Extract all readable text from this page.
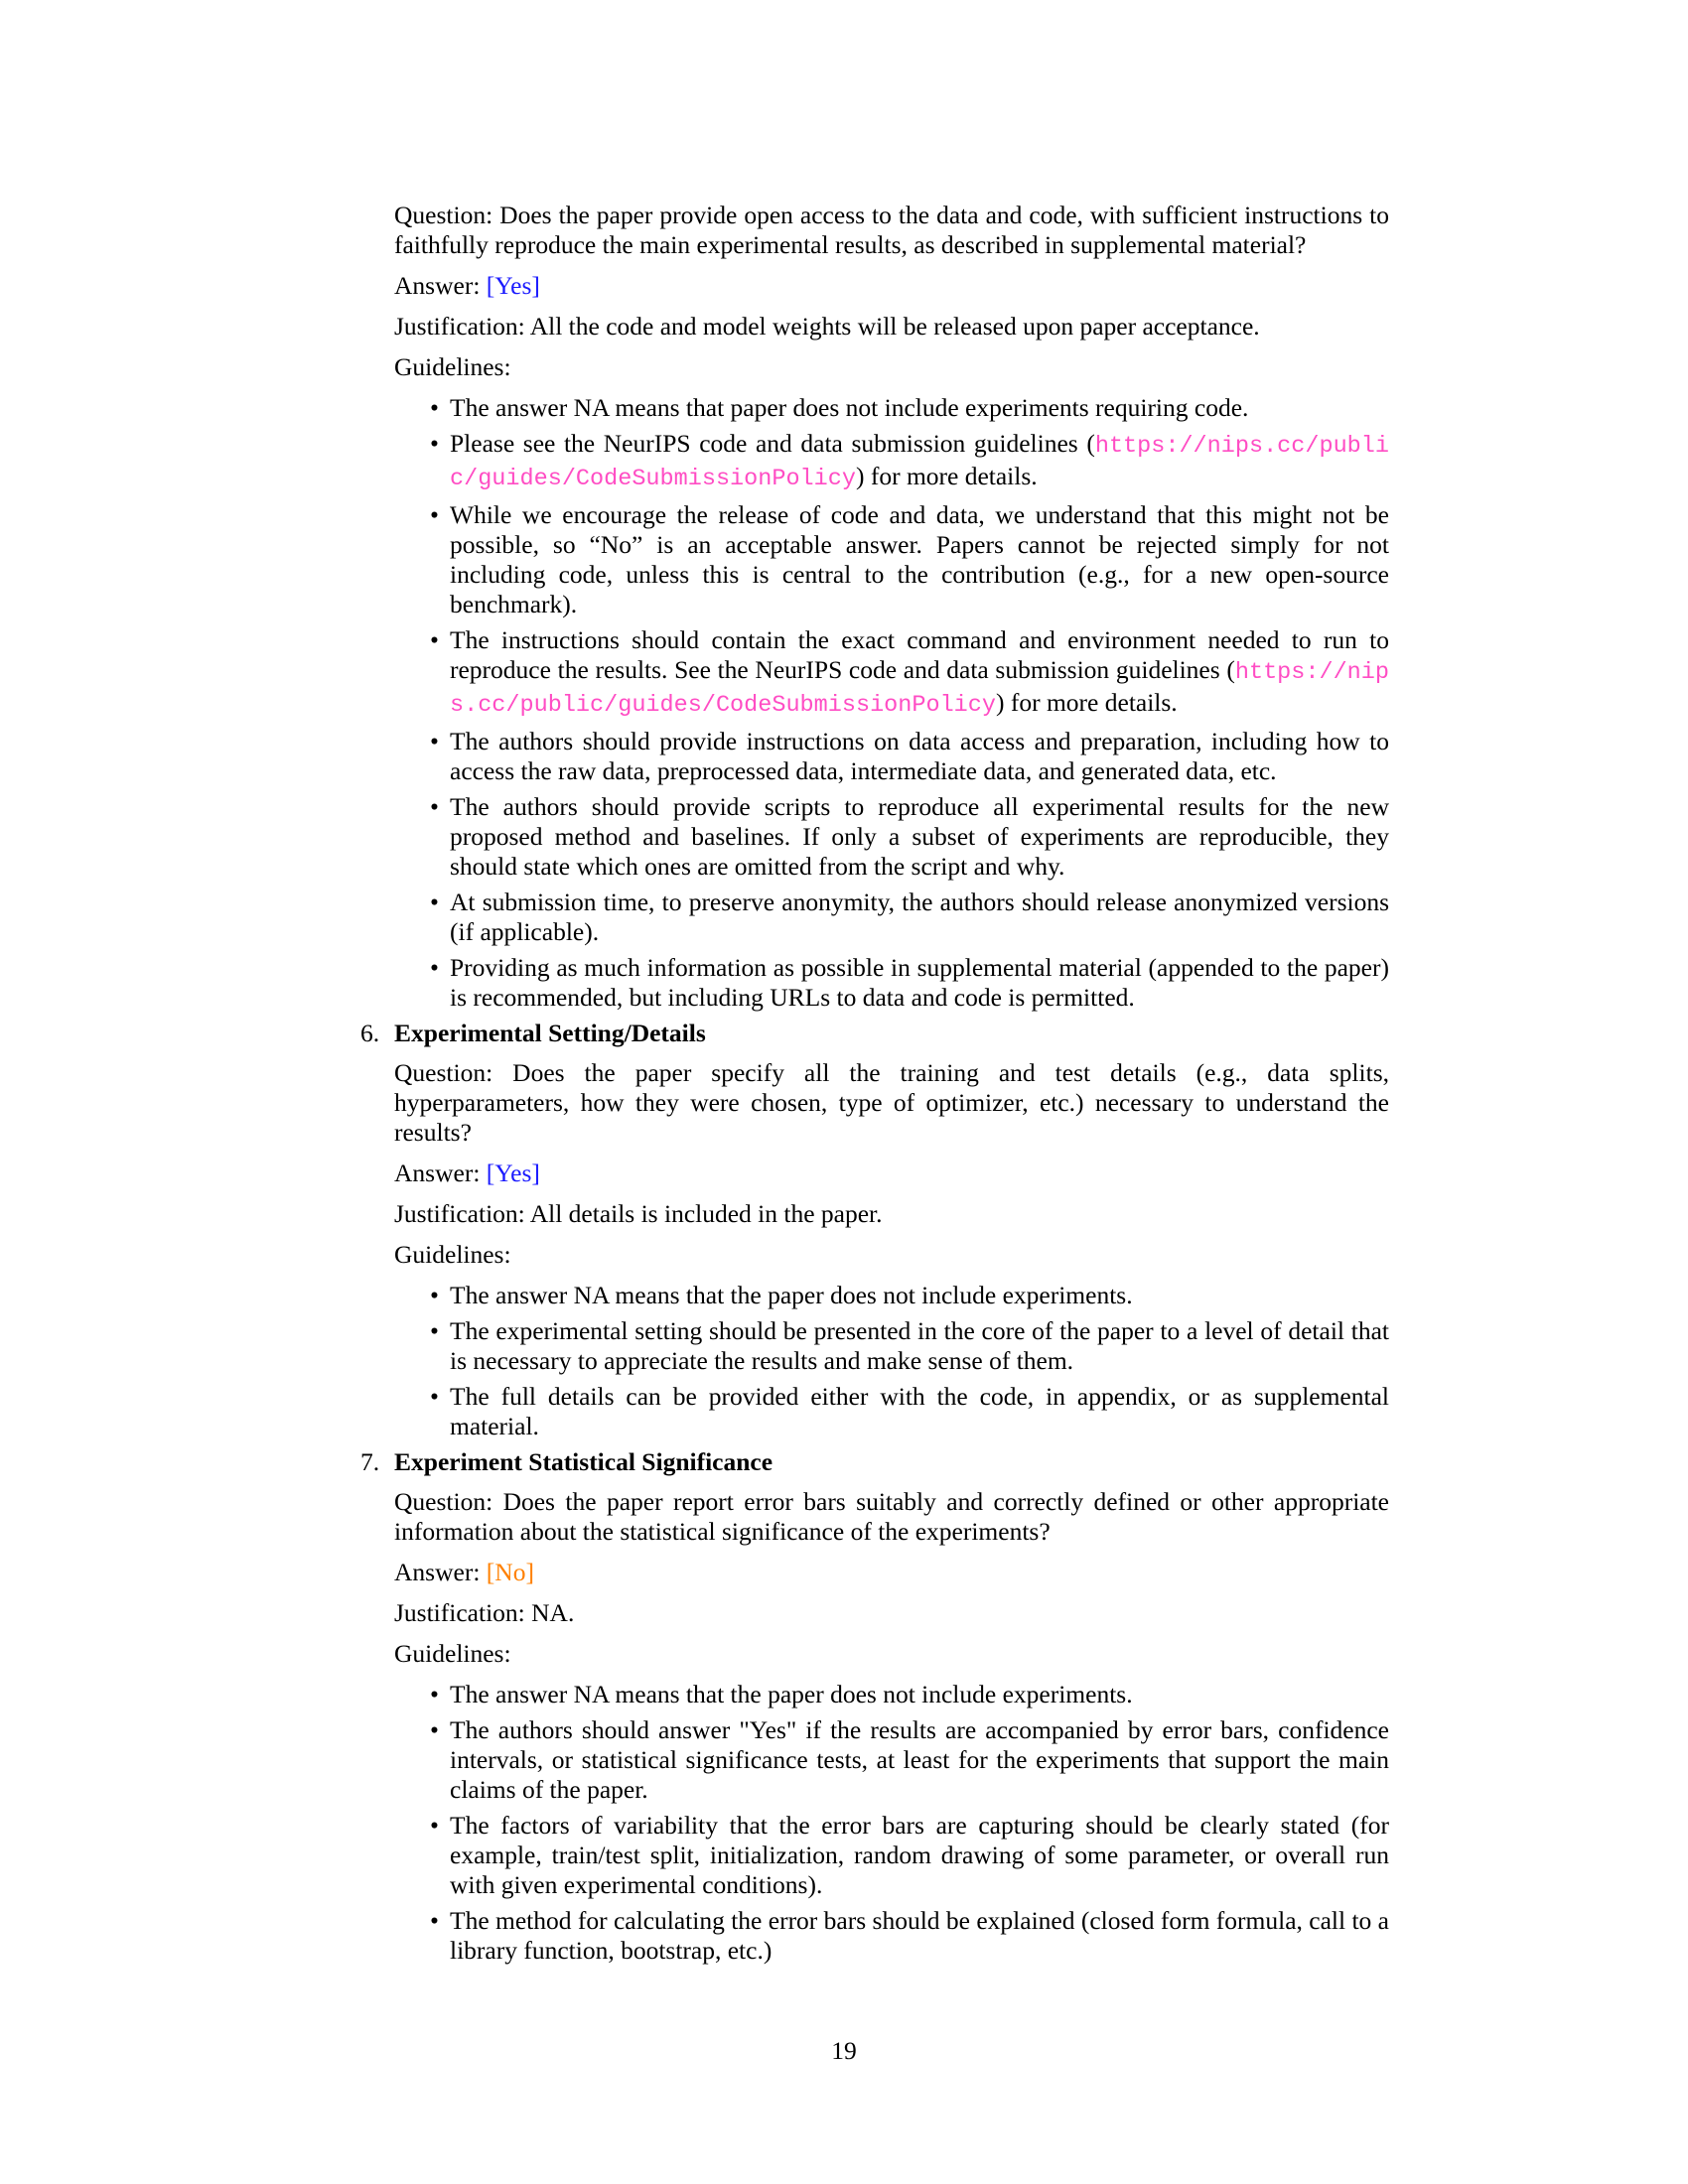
Question: Does the paper provide open access to the data and code, with sufficient instructions to faithfully reproduce the main experimental results, as described in supplemental material?
Answer: [Yes]
Justification: All the code and model weights will be released upon paper acceptance.
Guidelines:
• The answer NA means that paper does not include experiments requiring code.
• Please see the NeurIPS code and data submission guidelines (https://nips.cc/public/guides/CodeSubmissionPolicy) for more details.
• While we encourage the release of code and data, we understand that this might not be possible, so “No” is an acceptable answer. Papers cannot be rejected simply for not including code, unless this is central to the contribution (e.g., for a new open-source benchmark).
• The instructions should contain the exact command and environment needed to run to reproduce the results. See the NeurIPS code and data submission guidelines (https://nips.cc/public/guides/CodeSubmissionPolicy) for more details.
• The authors should provide instructions on data access and preparation, including how to access the raw data, preprocessed data, intermediate data, and generated data, etc.
• The authors should provide scripts to reproduce all experimental results for the new proposed method and baselines. If only a subset of experiments are reproducible, they should state which ones are omitted from the script and why.
• At submission time, to preserve anonymity, the authors should release anonymized versions (if applicable).
• Providing as much information as possible in supplemental material (appended to the paper) is recommended, but including URLs to data and code is permitted.
6. Experimental Setting/Details
Question: Does the paper specify all the training and test details (e.g., data splits, hyperparameters, how they were chosen, type of optimizer, etc.) necessary to understand the results?
Answer: [Yes]
Justification: All details is included in the paper.
Guidelines:
• The answer NA means that the paper does not include experiments.
• The experimental setting should be presented in the core of the paper to a level of detail that is necessary to appreciate the results and make sense of them.
• The full details can be provided either with the code, in appendix, or as supplemental material.
7. Experiment Statistical Significance
Question: Does the paper report error bars suitably and correctly defined or other appropriate information about the statistical significance of the experiments?
Answer: [No]
Justification: NA.
Guidelines:
• The answer NA means that the paper does not include experiments.
• The authors should answer "Yes" if the results are accompanied by error bars, confidence intervals, or statistical significance tests, at least for the experiments that support the main claims of the paper.
• The factors of variability that the error bars are capturing should be clearly stated (for example, train/test split, initialization, random drawing of some parameter, or overall run with given experimental conditions).
• The method for calculating the error bars should be explained (closed form formula, call to a library function, bootstrap, etc.)
19
